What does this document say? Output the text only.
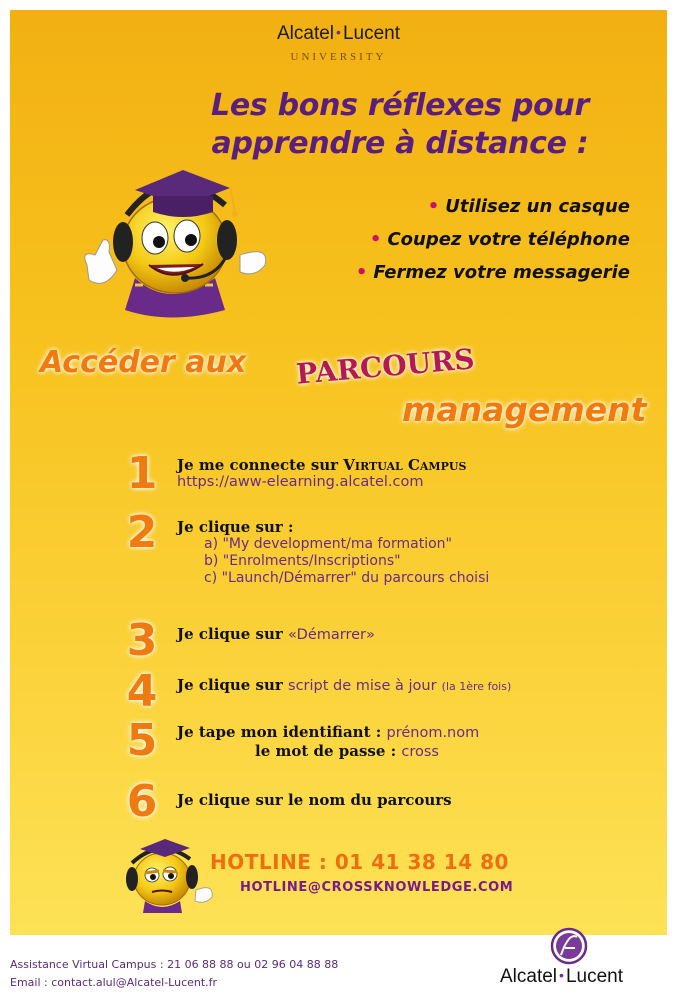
Alcatel • Lucent
UNIVERSITY
Les bons réflexes pour
apprendre à distance :
• Utilisez un casque
• Coupez votre téléphone
• Fermez votre messagerie
Accéder aux PARCOURS
management
1	Je me connecte sur Virtual Campus
https://aww-elearning.alcatel.com
2	Je clique sur :
a) "My development/ma formation"
b) "Enrolments/Inscriptions"
c) "Launch/Démarrer" du parcours choisi
3	Je clique sur «Démarrer»
4	Je clique sur script de mise à jour (la 1ère fois)
5	Je tape mon identifiant : prénom.nom
le mot de passe : cross
6	Je clique sur le nom du parcours
HOTLINE : 01 41 38 14 80
HOTLINE@CROSSKNOWLEDGE.COM
Assistance Virtual Campus : 21 06 88 88 ou 02 96 04 88 88
Email : contact.alul@Alcatel-Lucent.fr	Alcatel • Lucent
